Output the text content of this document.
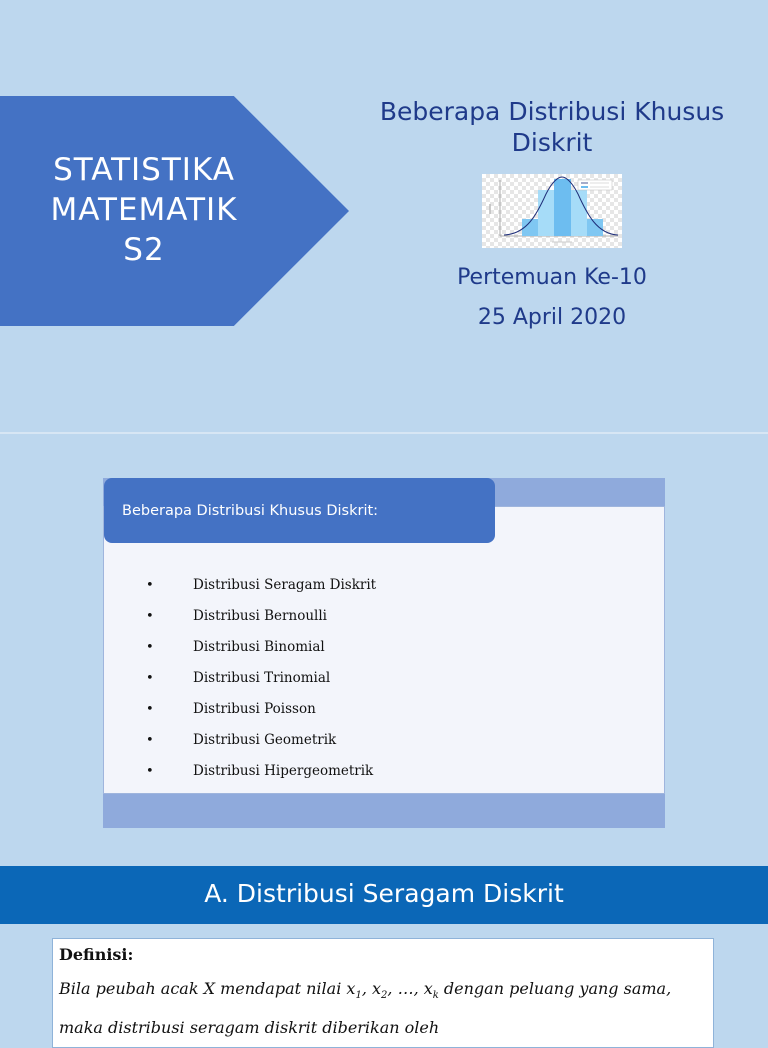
STATISTIKA
MATEMATIK
S2
Beberapa Distribusi Khusus Diskrit
Pertemuan Ke-10
25 April 2020
Beberapa Distribusi Khusus Diskrit:
•	Distribusi Seragam Diskrit
•	Distribusi Bernoulli
•	Distribusi Binomial
•	Distribusi Trinomial
•	Distribusi Poisson
•	Distribusi Geometrik
•	Distribusi Hipergeometrik
A. Distribusi Seragam Diskrit
Definisi:
Bila peubah acak X mendapat nilai $x_1$, $x_2$, …, $x_k$ dengan peluang yang sama,
maka distribusi seragam diskrit diberikan oleh
